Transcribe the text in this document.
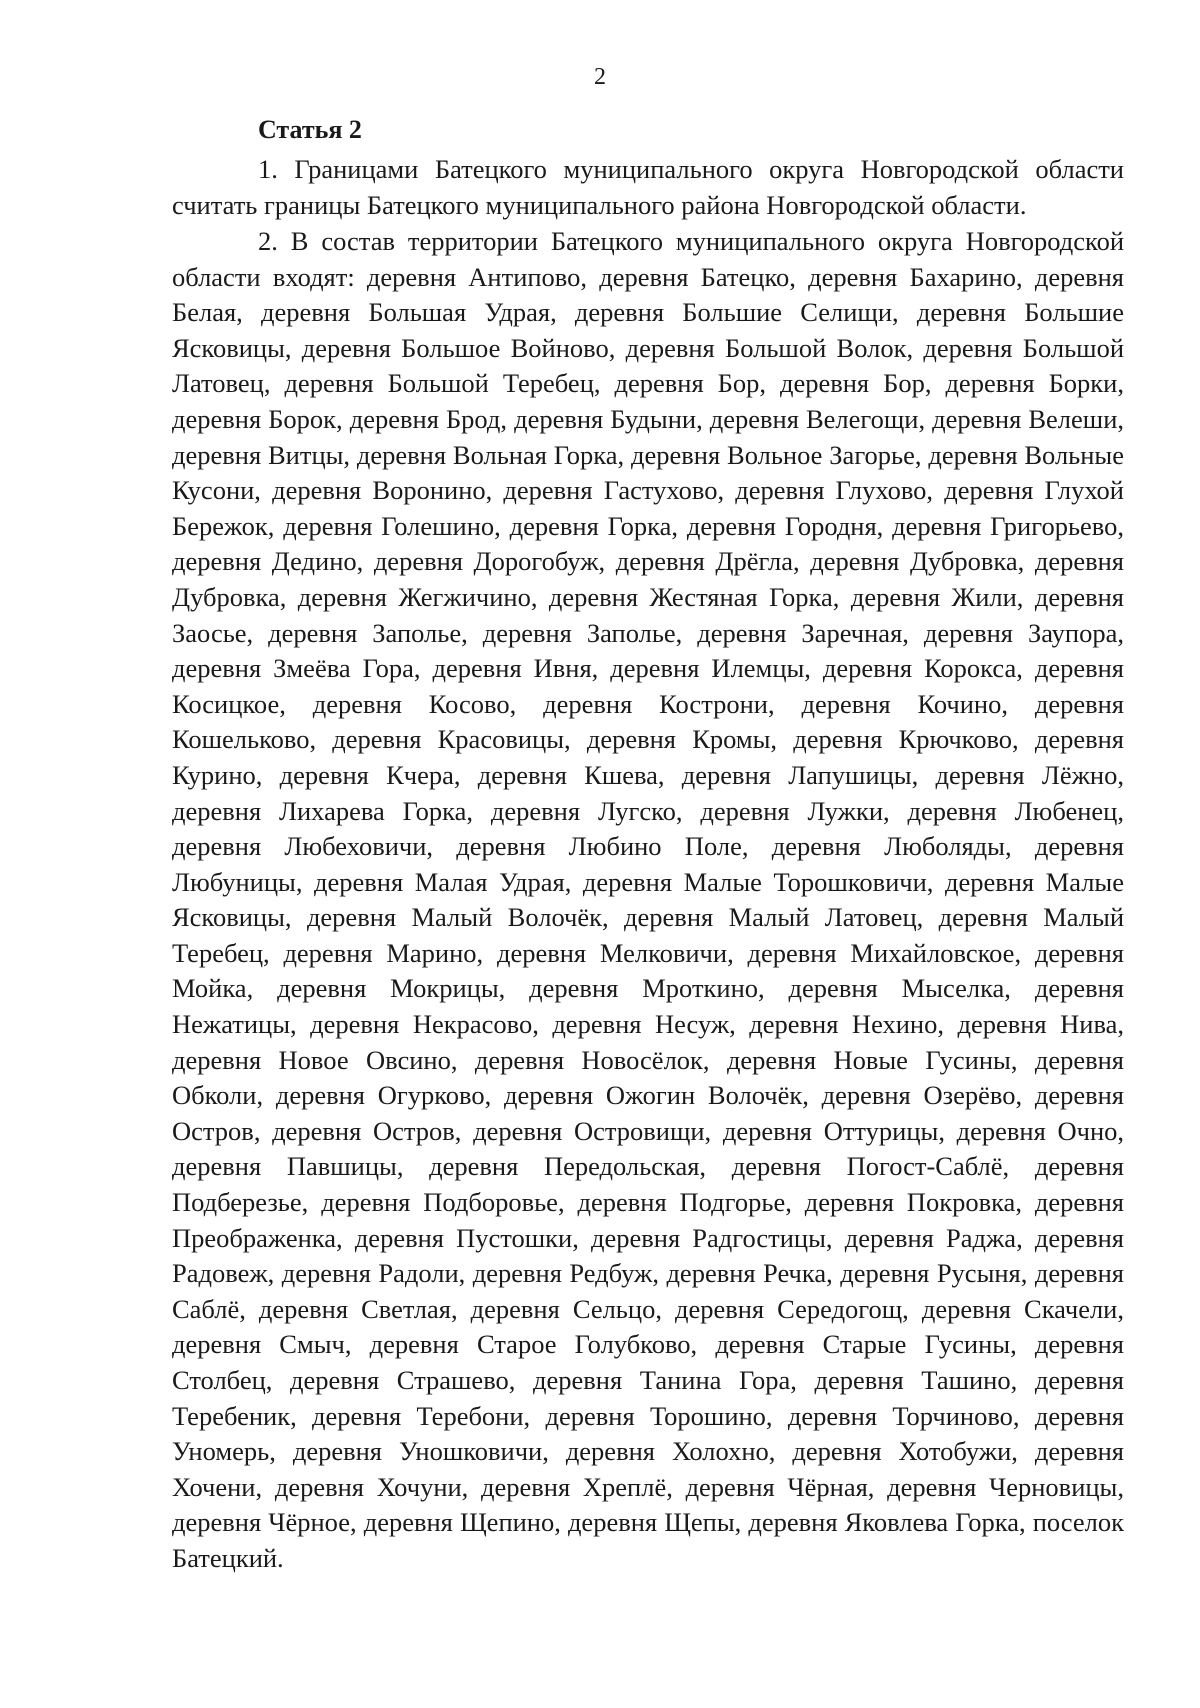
2
Статья 2

1. Границами Батецкого муниципального округа Новгородской области считать границы Батецкого муниципального района Новгородской области.

2. В состав территории Батецкого муниципального округа Новгородской области входят: деревня Антипово, деревня Батецко, деревня Бахарино, деревня Белая, деревня Большая Удрая, деревня Большие Селищи, деревня Большие Ясковицы, деревня Большое Войново, деревня Большой Волок, деревня Большой Латовец, деревня Большой Теребец, деревня Бор, деревня Бор, деревня Борки, деревня Борок, деревня Брод, деревня Будыни, деревня Велегощи, деревня Велеши, деревня Витцы, деревня Вольная Горка, деревня Вольное Загорье, деревня Вольные Кусони, деревня Воронино, деревня Гастухово, деревня Глухово, деревня Глухой Бережок, деревня Голешино, деревня Горка, деревня Городня, деревня Григорьево, деревня Дедино, деревня Дорогобуж, деревня Дрёгла, деревня Дубровка, деревня Дубровка, деревня Жегжичино, деревня Жестяная Горка, деревня Жили, деревня Заосье, деревня Заполье, деревня Заполье, деревня Заречная, деревня Заупора, деревня Змеёва Гора, деревня Ивня, деревня Илемцы, деревня Корокса, деревня Косицкое, деревня Косово, деревня Кострони, деревня Кочино, деревня Кошельково, деревня Красовицы, деревня Кромы, деревня Крючково, деревня Курино, деревня Кчера, деревня Кшева, деревня Лапушицы, деревня Лёжно, деревня Лихарева Горка, деревня Лугско, деревня Лужки, деревня Любенец, деревня Любеховичи, деревня Любино Поле, деревня Люболяды, деревня Любуницы, деревня Малая Удрая, деревня Малые Торошковичи, деревня Малые Ясковицы, деревня Малый Волочёк, деревня Малый Латовец, деревня Малый Теребец, деревня Марино, деревня Мелковичи, деревня Михайловское, деревня Мойка, деревня Мокрицы, деревня Мроткино, деревня Мыселка, деревня Нежатицы, деревня Некрасово, деревня Несуж, деревня Нехино, деревня Нива, деревня Новое Овсино, деревня Новосёлок, деревня Новые Гусины, деревня Обколи, деревня Огурково, деревня Ожогин Волочёк, деревня Озерёво, деревня Остров, деревня Остров, деревня Островищи, деревня Оттурицы, деревня Очно, деревня Павшицы, деревня Передольская, деревня Погост-Саблё, деревня Подберезье, деревня Подборовье, деревня Подгорье, деревня Покровка, деревня Преображенка, деревня Пустошки, деревня Радгостицы, деревня Раджа, деревня Радовеж, деревня Радоли, деревня Редбуж, деревня Речка, деревня Русыня, деревня Саблё, деревня Светлая, деревня Сельцо, деревня Середогощ, деревня Скачели, деревня Смыч, деревня Старое Голубково, деревня Старые Гусины, деревня Столбец, деревня Страшево, деревня Танина Гора, деревня Ташино, деревня Теребеник, деревня Теребони, деревня Торошино, деревня Торчиново, деревня Уномерь, деревня Уношковичи, деревня Холохно, деревня Хотобужи, деревня Хочени, деревня Хочуни, деревня Хреплё, деревня Чёрная, деревня Черновицы, деревня Чёрное, деревня Щепино, деревня Щепы, деревня Яковлева Горка, поселок Батецкий.
